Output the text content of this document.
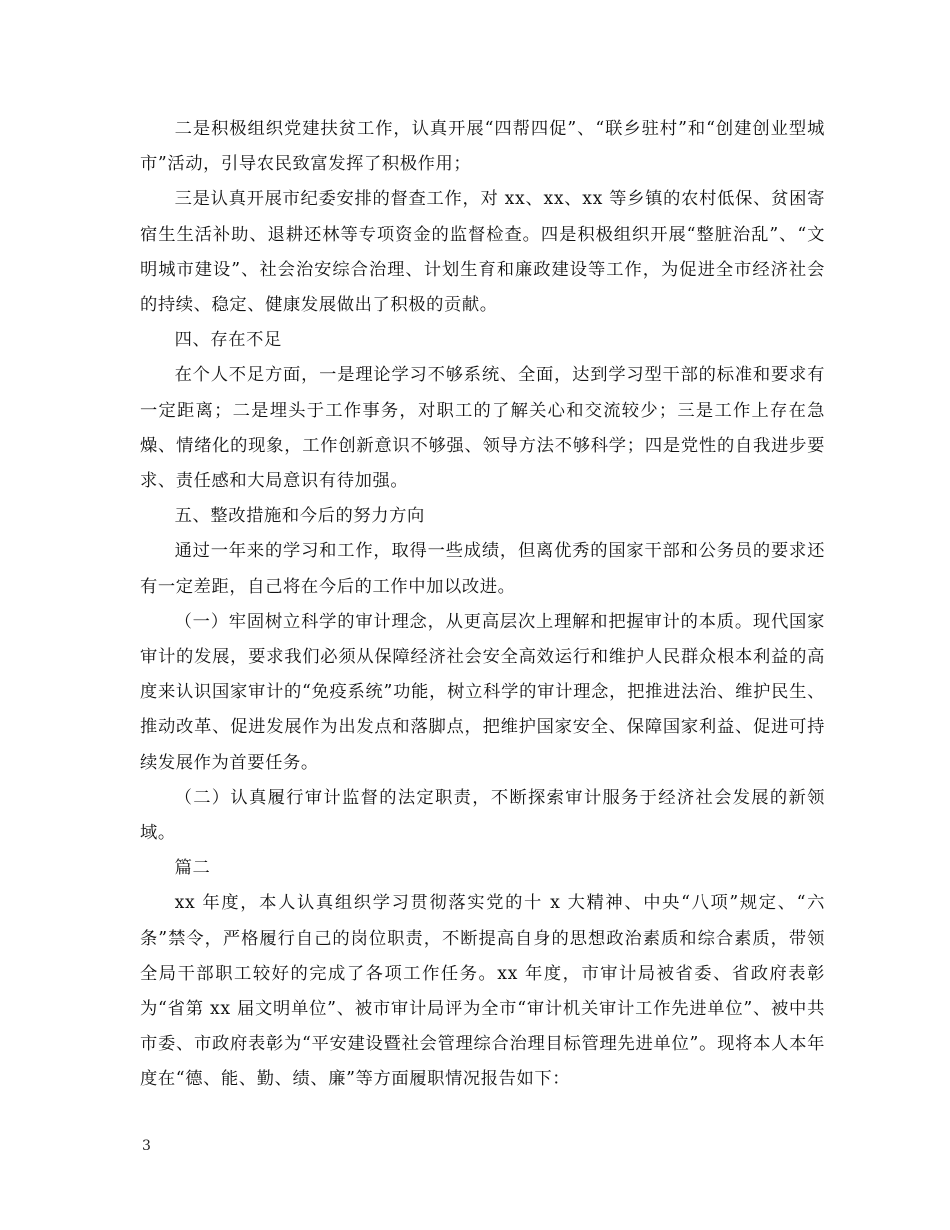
二是积极组织党建扶贫工作，认真开展“四帮四促”、“联乡驻村”和“创建创业型城市”活动，引导农民致富发挥了积极作用；

三是认真开展市纪委安排的督查工作，对 xx、xx、xx 等乡镇的农村低保、贫困寄宿生生活补助、退耕还林等专项资金的监督检查。四是积极组织开展“整脏治乱”、“文明城市建设”、社会治安综合治理、计划生育和廉政建设等工作，为促进全市经济社会的持续、稳定、健康发展做出了积极的贡献。

四、存在不足

在个人不足方面，一是理论学习不够系统、全面，达到学习型干部的标准和要求有一定距离；二是埋头于工作事务，对职工的了解关心和交流较少；三是工作上存在急燥、情绪化的现象，工作创新意识不够强、领导方法不够科学；四是党性的自我进步要求、责任感和大局意识有待加强。

五、整改措施和今后的努力方向

通过一年来的学习和工作，取得一些成绩，但离优秀的国家干部和公务员的要求还有一定差距，自己将在今后的工作中加以改进。

（一）牢固树立科学的审计理念，从更高层次上理解和把握审计的本质。现代国家审计的发展，要求我们必须从保障经济社会安全高效运行和维护人民群众根本利益的高度来认识国家审计的“免疫系统”功能，树立科学的审计理念，把推进法治、维护民生、推动改革、促进发展作为出发点和落脚点，把维护国家安全、保障国家利益、促进可持续发展作为首要任务。

（二）认真履行审计监督的法定职责，不断探索审计服务于经济社会发展的新领域。

篇二

xx 年度，本人认真组织学习贯彻落实党的十 x 大精神、中央“八项”规定、“六条”禁令，严格履行自己的岗位职责，不断提高自身的思想政治素质和综合素质，带领全局干部职工较好的完成了各项工作任务。xx 年度，市审计局被省委、省政府表彰为“省第 xx 届文明单位”、被市审计局评为全市“审计机关审计工作先进单位”、被中共市委、市政府表彰为“平安建设暨社会管理综合治理目标管理先进单位”。现将本人本年度在“德、能、勤、绩、廉”等方面履职情况报告如下：

3
